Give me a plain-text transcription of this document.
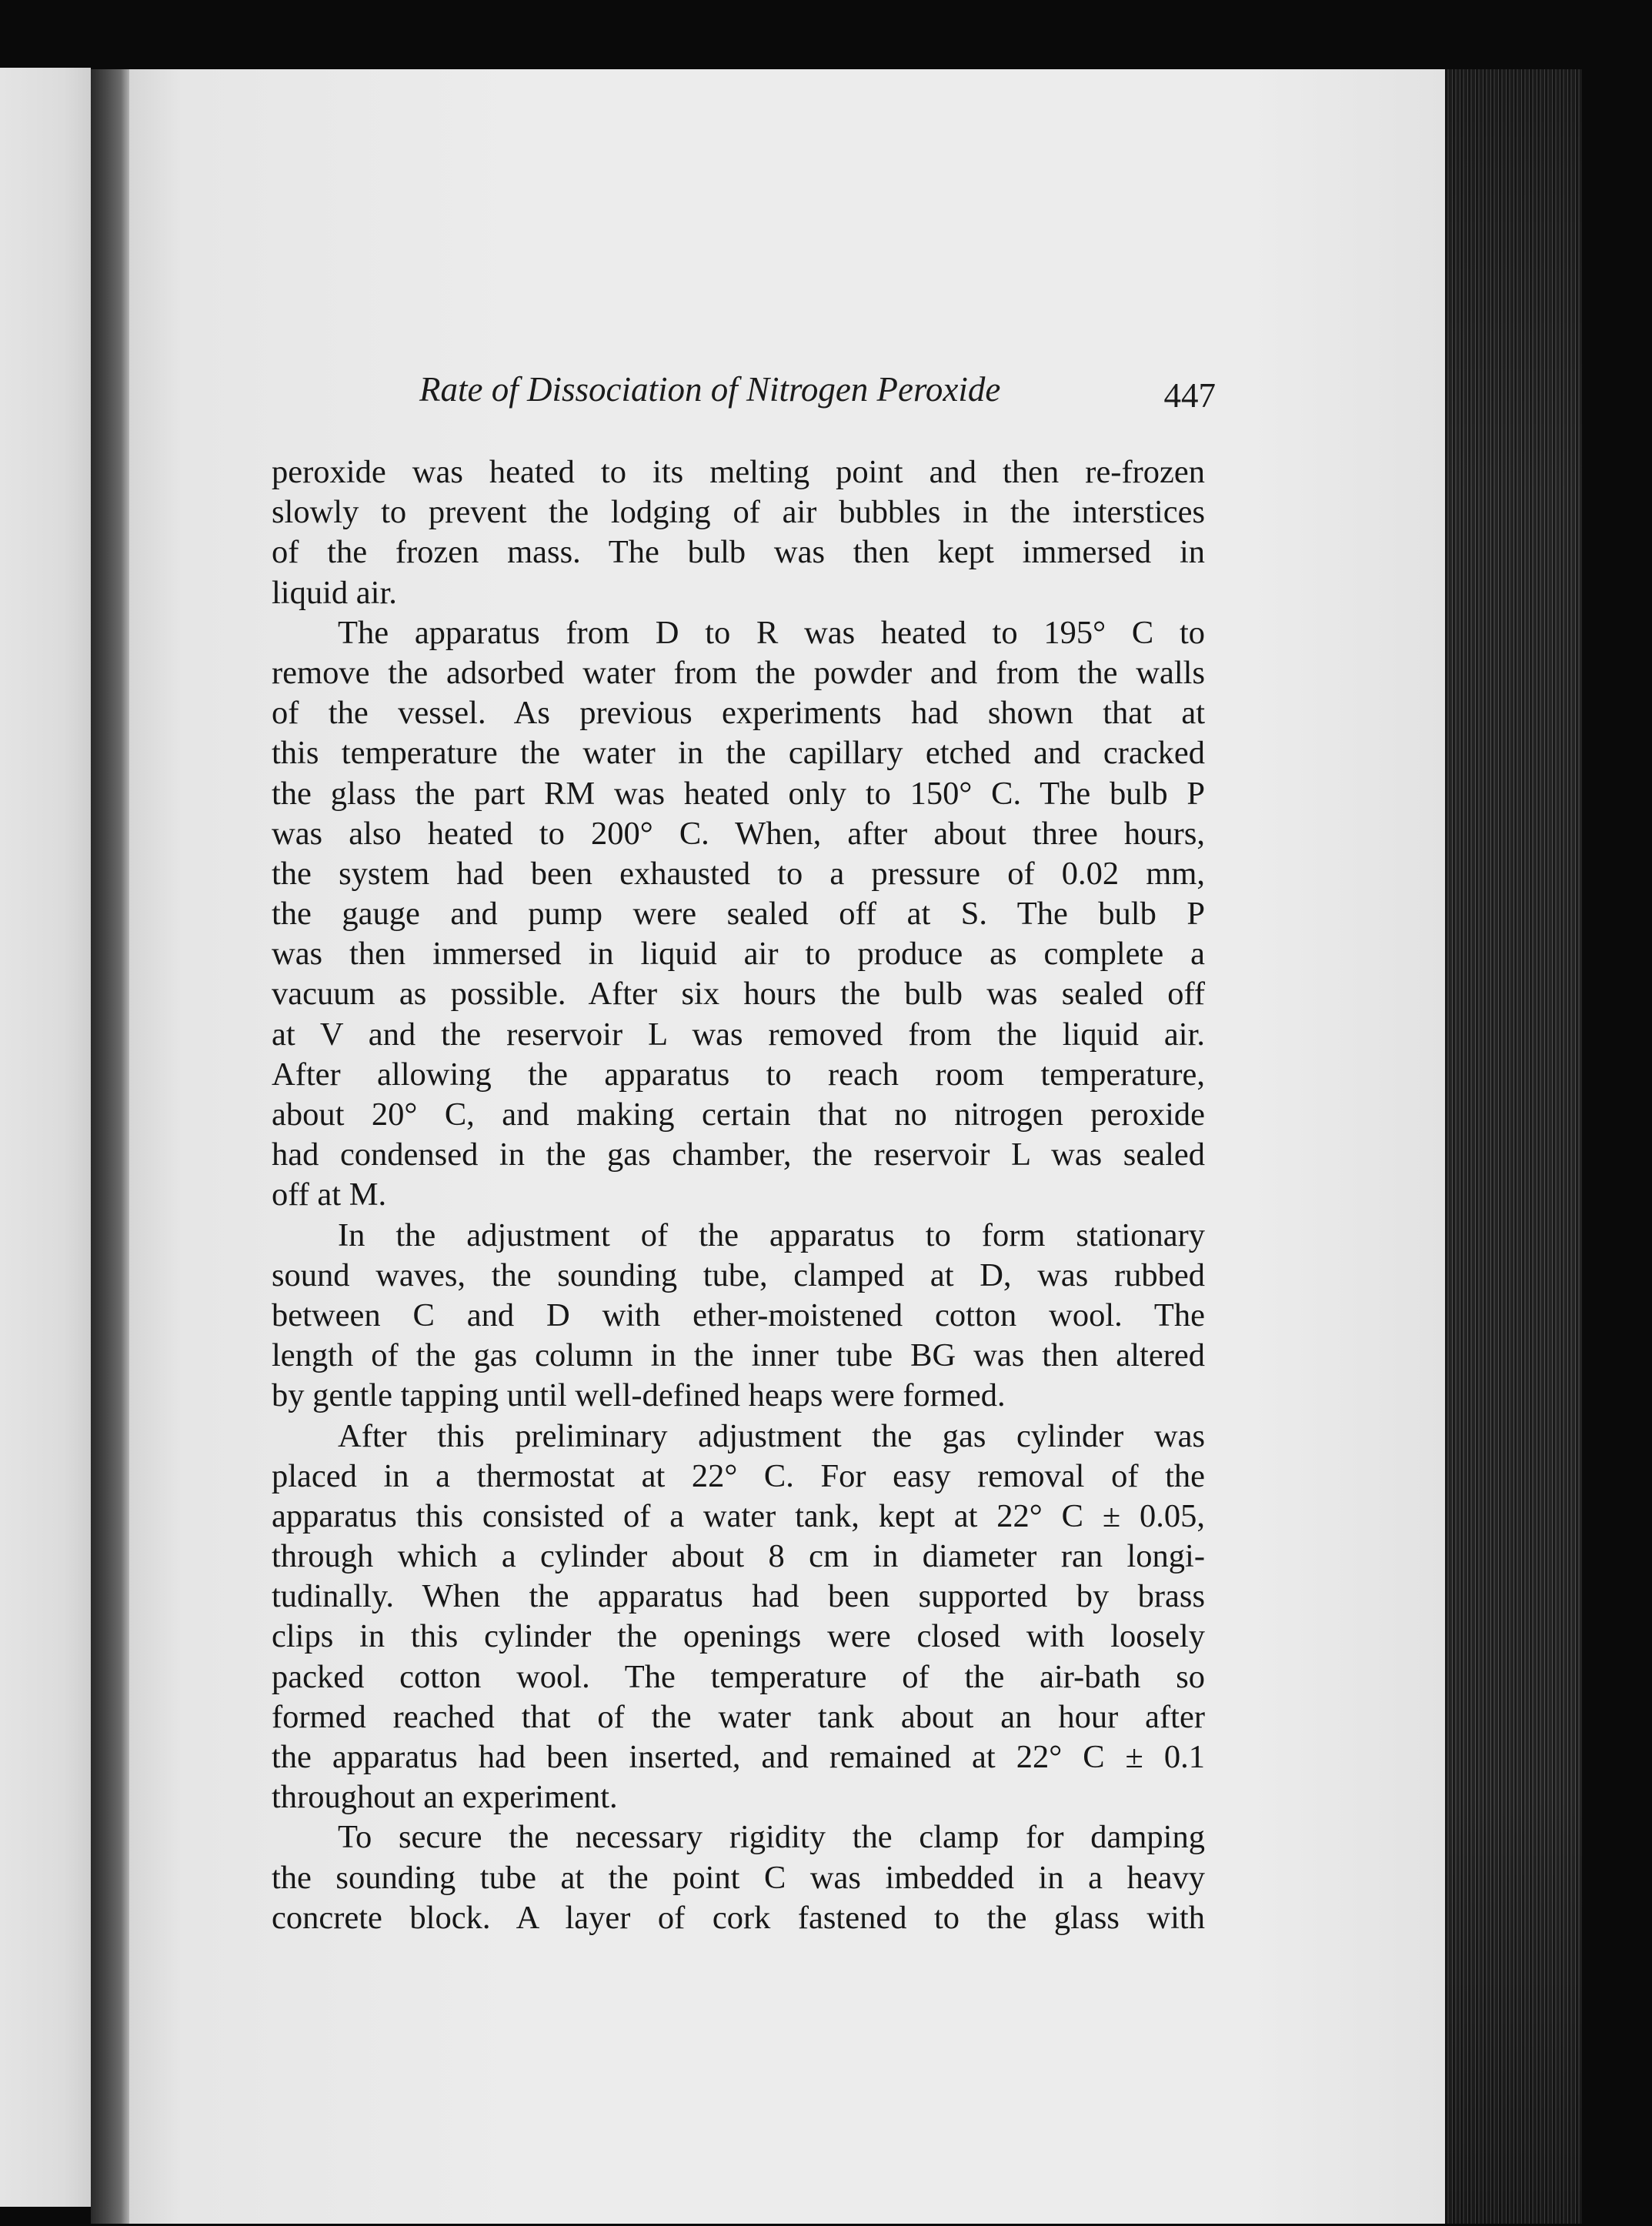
Rate of Dissociation of Nitrogen Peroxide	447
peroxide was heated to its melting point and then re-frozen
slowly to prevent the lodging of air bubbles in the interstices
of the frozen mass. The bulb was then kept immersed in
liquid air.
The apparatus from D to R was heated to 195° C to
remove the adsorbed water from the powder and from the walls
of the vessel. As previous experiments had shown that at
this temperature the water in the capillary etched and cracked
the glass the part RM was heated only to 150° C. The bulb P
was also heated to 200° C. When, after about three hours,
the system had been exhausted to a pressure of 0.02 mm,
the gauge and pump were sealed off at S. The bulb P
was then immersed in liquid air to produce as complete a
vacuum as possible. After six hours the bulb was sealed off
at V and the reservoir L was removed from the liquid air.
After allowing the apparatus to reach room temperature,
about 20° C, and making certain that no nitrogen peroxide
had condensed in the gas chamber, the reservoir L was sealed
off at M.
In the adjustment of the apparatus to form stationary
sound waves, the sounding tube, clamped at D, was rubbed
between C and D with ether-moistened cotton wool. The
length of the gas column in the inner tube BG was then altered
by gentle tapping until well-defined heaps were formed.
After this preliminary adjustment the gas cylinder was
placed in a thermostat at 22° C. For easy removal of the
apparatus this consisted of a water tank, kept at 22° C ± 0.05,
through which a cylinder about 8 cm in diameter ran longi-
tudinally. When the apparatus had been supported by brass
clips in this cylinder the openings were closed with loosely
packed cotton wool. The temperature of the air-bath so
formed reached that of the water tank about an hour after
the apparatus had been inserted, and remained at 22° C ± 0.1
throughout an experiment.
To secure the necessary rigidity the clamp for damping
the sounding tube at the point C was imbedded in a heavy
concrete block. A layer of cork fastened to the glass with
